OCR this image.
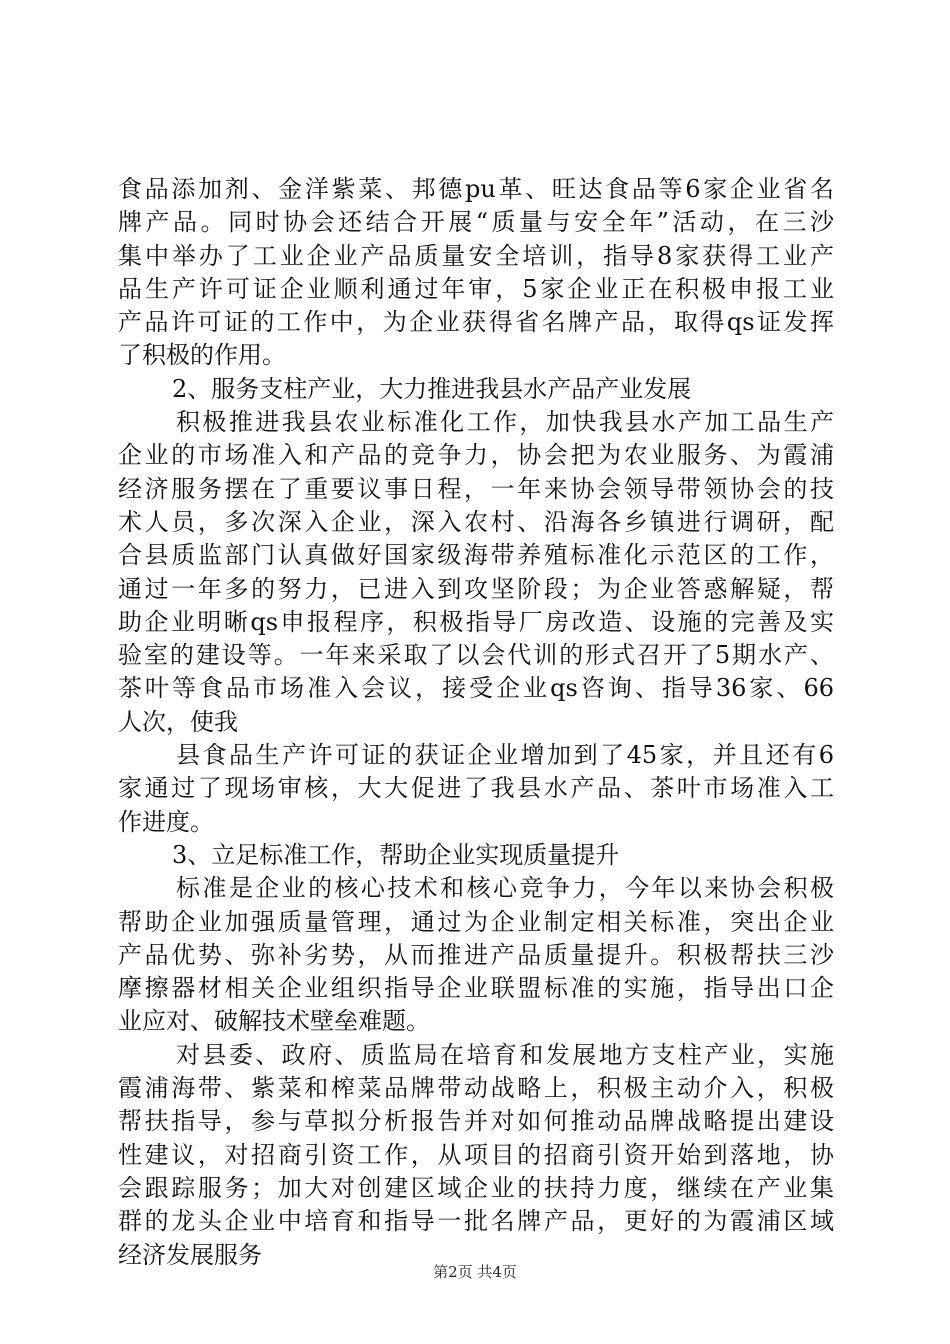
食品添加剂、金洋紫菜、邦德pu革、旺达食品等6家企业省名
牌产品。同时协会还结合开展“质量与安全年”活动，在三沙
集中举办了工业企业产品质量安全培训，指导8家获得工业产
品生产许可证企业顺利通过年审，5家企业正在积极申报工业
产品许可证的工作中，为企业获得省名牌产品，取得qs证发挥
了积极的作用。
2、服务支柱产业，大力推进我县水产品产业发展
积极推进我县农业标准化工作，加快我县水产加工品生产
企业的市场准入和产品的竞争力，协会把为农业服务、为霞浦
经济服务摆在了重要议事日程，一年来协会领导带领协会的技
术人员，多次深入企业，深入农村、沿海各乡镇进行调研，配
合县质监部门认真做好国家级海带养殖标准化示范区的工作，
通过一年多的努力，已进入到攻坚阶段；为企业答惑解疑，帮
助企业明晰qs申报程序，积极指导厂房改造、设施的完善及实
验室的建设等。一年来采取了以会代训的形式召开了5期水产、
茶叶等食品市场准入会议，接受企业qs咨询、指导36家、66
人次，使我
县食品生产许可证的获证企业增加到了45家，并且还有6
家通过了现场审核，大大促进了我县水产品、茶叶市场准入工
作进度。
3、立足标准工作，帮助企业实现质量提升
标准是企业的核心技术和核心竞争力，今年以来协会积极
帮助企业加强质量管理，通过为企业制定相关标准，突出企业
产品优势、弥补劣势，从而推进产品质量提升。积极帮扶三沙
摩擦器材相关企业组织指导企业联盟标准的实施，指导出口企
业应对、破解技术壁垒难题。
对县委、政府、质监局在培育和发展地方支柱产业，实施
霞浦海带、紫菜和榨菜品牌带动战略上，积极主动介入，积极
帮扶指导，参与草拟分析报告并对如何推动品牌战略提出建设
性建议，对招商引资工作，从项目的招商引资开始到落地，协
会跟踪服务；加大对创建区域企业的扶持力度，继续在产业集
群的龙头企业中培育和指导一批名牌产品，更好的为霞浦区域
经济发展服务
第2页 共4页
